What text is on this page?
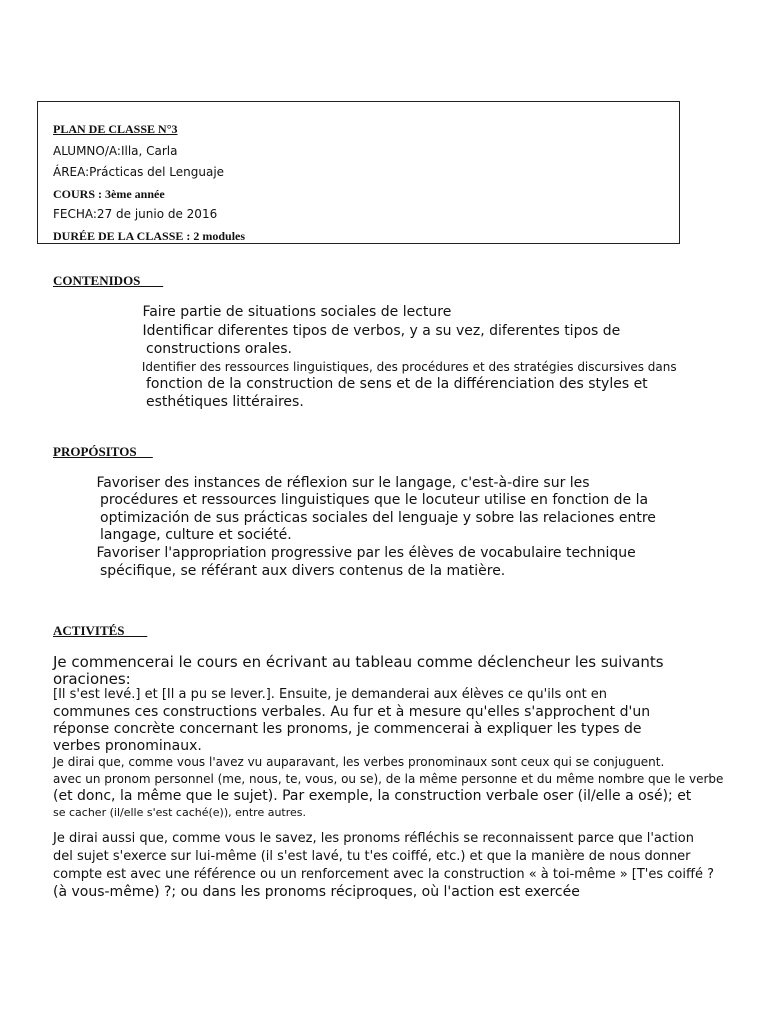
PLAN DE CLASSE N°3
ALUMNO/A:Illa, Carla
ÁREA:Prácticas del Lenguaje
COURS : 3ème année
FECHA:27 de junio de 2016
DURÉE DE LA CLASSE : 2 modules
CONTENIDOS
Faire partie de situations sociales de lecture
Identificar diferentes tipos de verbos, y a su vez, diferentes tipos de
constructions orales.
Identifier des ressources linguistiques, des procédures et des stratégies discursives dans
fonction de la construction de sens et de la différenciation des styles et
esthétiques littéraires.
PROPÓSITOS
Favoriser des instances de réflexion sur le langage, c'est-à-dire sur les
procédures et ressources linguistiques que le locuteur utilise en fonction de la
optimización de sus prácticas sociales del lenguaje y sobre las relaciones entre
langage, culture et société.
Favoriser l'appropriation progressive par les élèves de vocabulaire technique
spécifique, se référant aux divers contenus de la matière.
ACTIVITÉS
Je commencerai le cours en écrivant au tableau comme déclencheur les suivants
oraciones:
[Il s'est levé.] et [Il a pu se lever.]. Ensuite, je demanderai aux élèves ce qu'ils ont en
communes ces constructions verbales. Au fur et à mesure qu'elles s'approchent d'un
réponse concrète concernant les pronoms, je commencerai à expliquer les types de
verbes pronominaux.
Je dirai que, comme vous l'avez vu auparavant, les verbes pronominaux sont ceux qui se conjuguent.
avec un pronom personnel (me, nous, te, vous, ou se), de la même personne et du même nombre que le verbe
(et donc, la même que le sujet). Par exemple, la construction verbale oser (il/elle a osé); et
se cacher (il/elle s'est caché(e)), entre autres.
Je dirai aussi que, comme vous le savez, les pronoms réfléchis se reconnaissent parce que l'action
del sujet s'exerce sur lui-même (il s'est lavé, tu t'es coiffé, etc.) et que la manière de nous donner
compte est avec une référence ou un renforcement avec la construction « à toi-même » [T'es coiffé ?
(à vous-même) ?; ou dans les pronoms réciproques, où l'action est exercée
